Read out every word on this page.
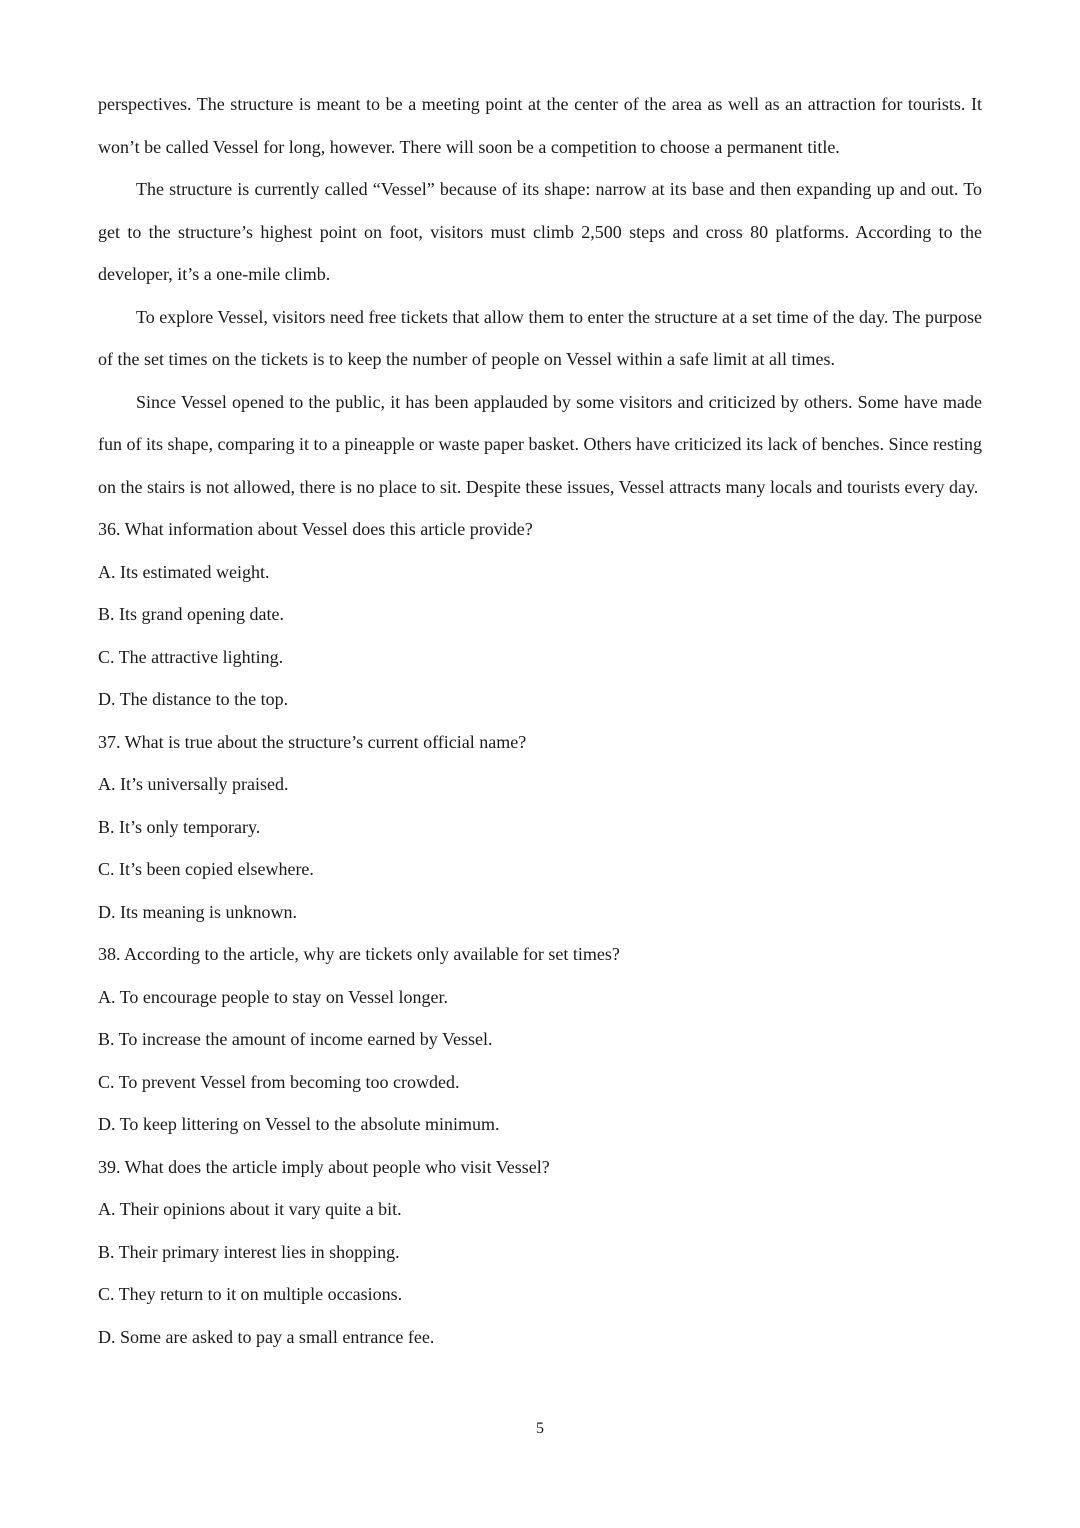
perspectives. The structure is meant to be a meeting point at the center of the area as well as an attraction for tourists. It won’t be called Vessel for long, however. There will soon be a competition to choose a permanent title.

The structure is currently called “Vessel” because of its shape: narrow at its base and then expanding up and out. To get to the structure’s highest point on foot, visitors must climb 2,500 steps and cross 80 platforms. According to the developer, it’s a one-mile climb.

To explore Vessel, visitors need free tickets that allow them to enter the structure at a set time of the day. The purpose of the set times on the tickets is to keep the number of people on Vessel within a safe limit at all times.

Since Vessel opened to the public, it has been applauded by some visitors and criticized by others. Some have made fun of its shape, comparing it to a pineapple or waste paper basket. Others have criticized its lack of benches. Since resting on the stairs is not allowed, there is no place to sit. Despite these issues, Vessel attracts many locals and tourists every day.

36. What information about Vessel does this article provide?

A. Its estimated weight.
B. Its grand opening date.
C. The attractive lighting.
D. The distance to the top.

37. What is true about the structure’s current official name?

A. It’s universally praised.
B. It’s only temporary.
C. It’s been copied elsewhere.
D. Its meaning is unknown.

38. According to the article, why are tickets only available for set times?

A. To encourage people to stay on Vessel longer.
B. To increase the amount of income earned by Vessel.
C. To prevent Vessel from becoming too crowded.
D. To keep littering on Vessel to the absolute minimum.

39. What does the article imply about people who visit Vessel?

A. Their opinions about it vary quite a bit.
B. Their primary interest lies in shopping.
C. They return to it on multiple occasions.
D. Some are asked to pay a small entrance fee.
5
